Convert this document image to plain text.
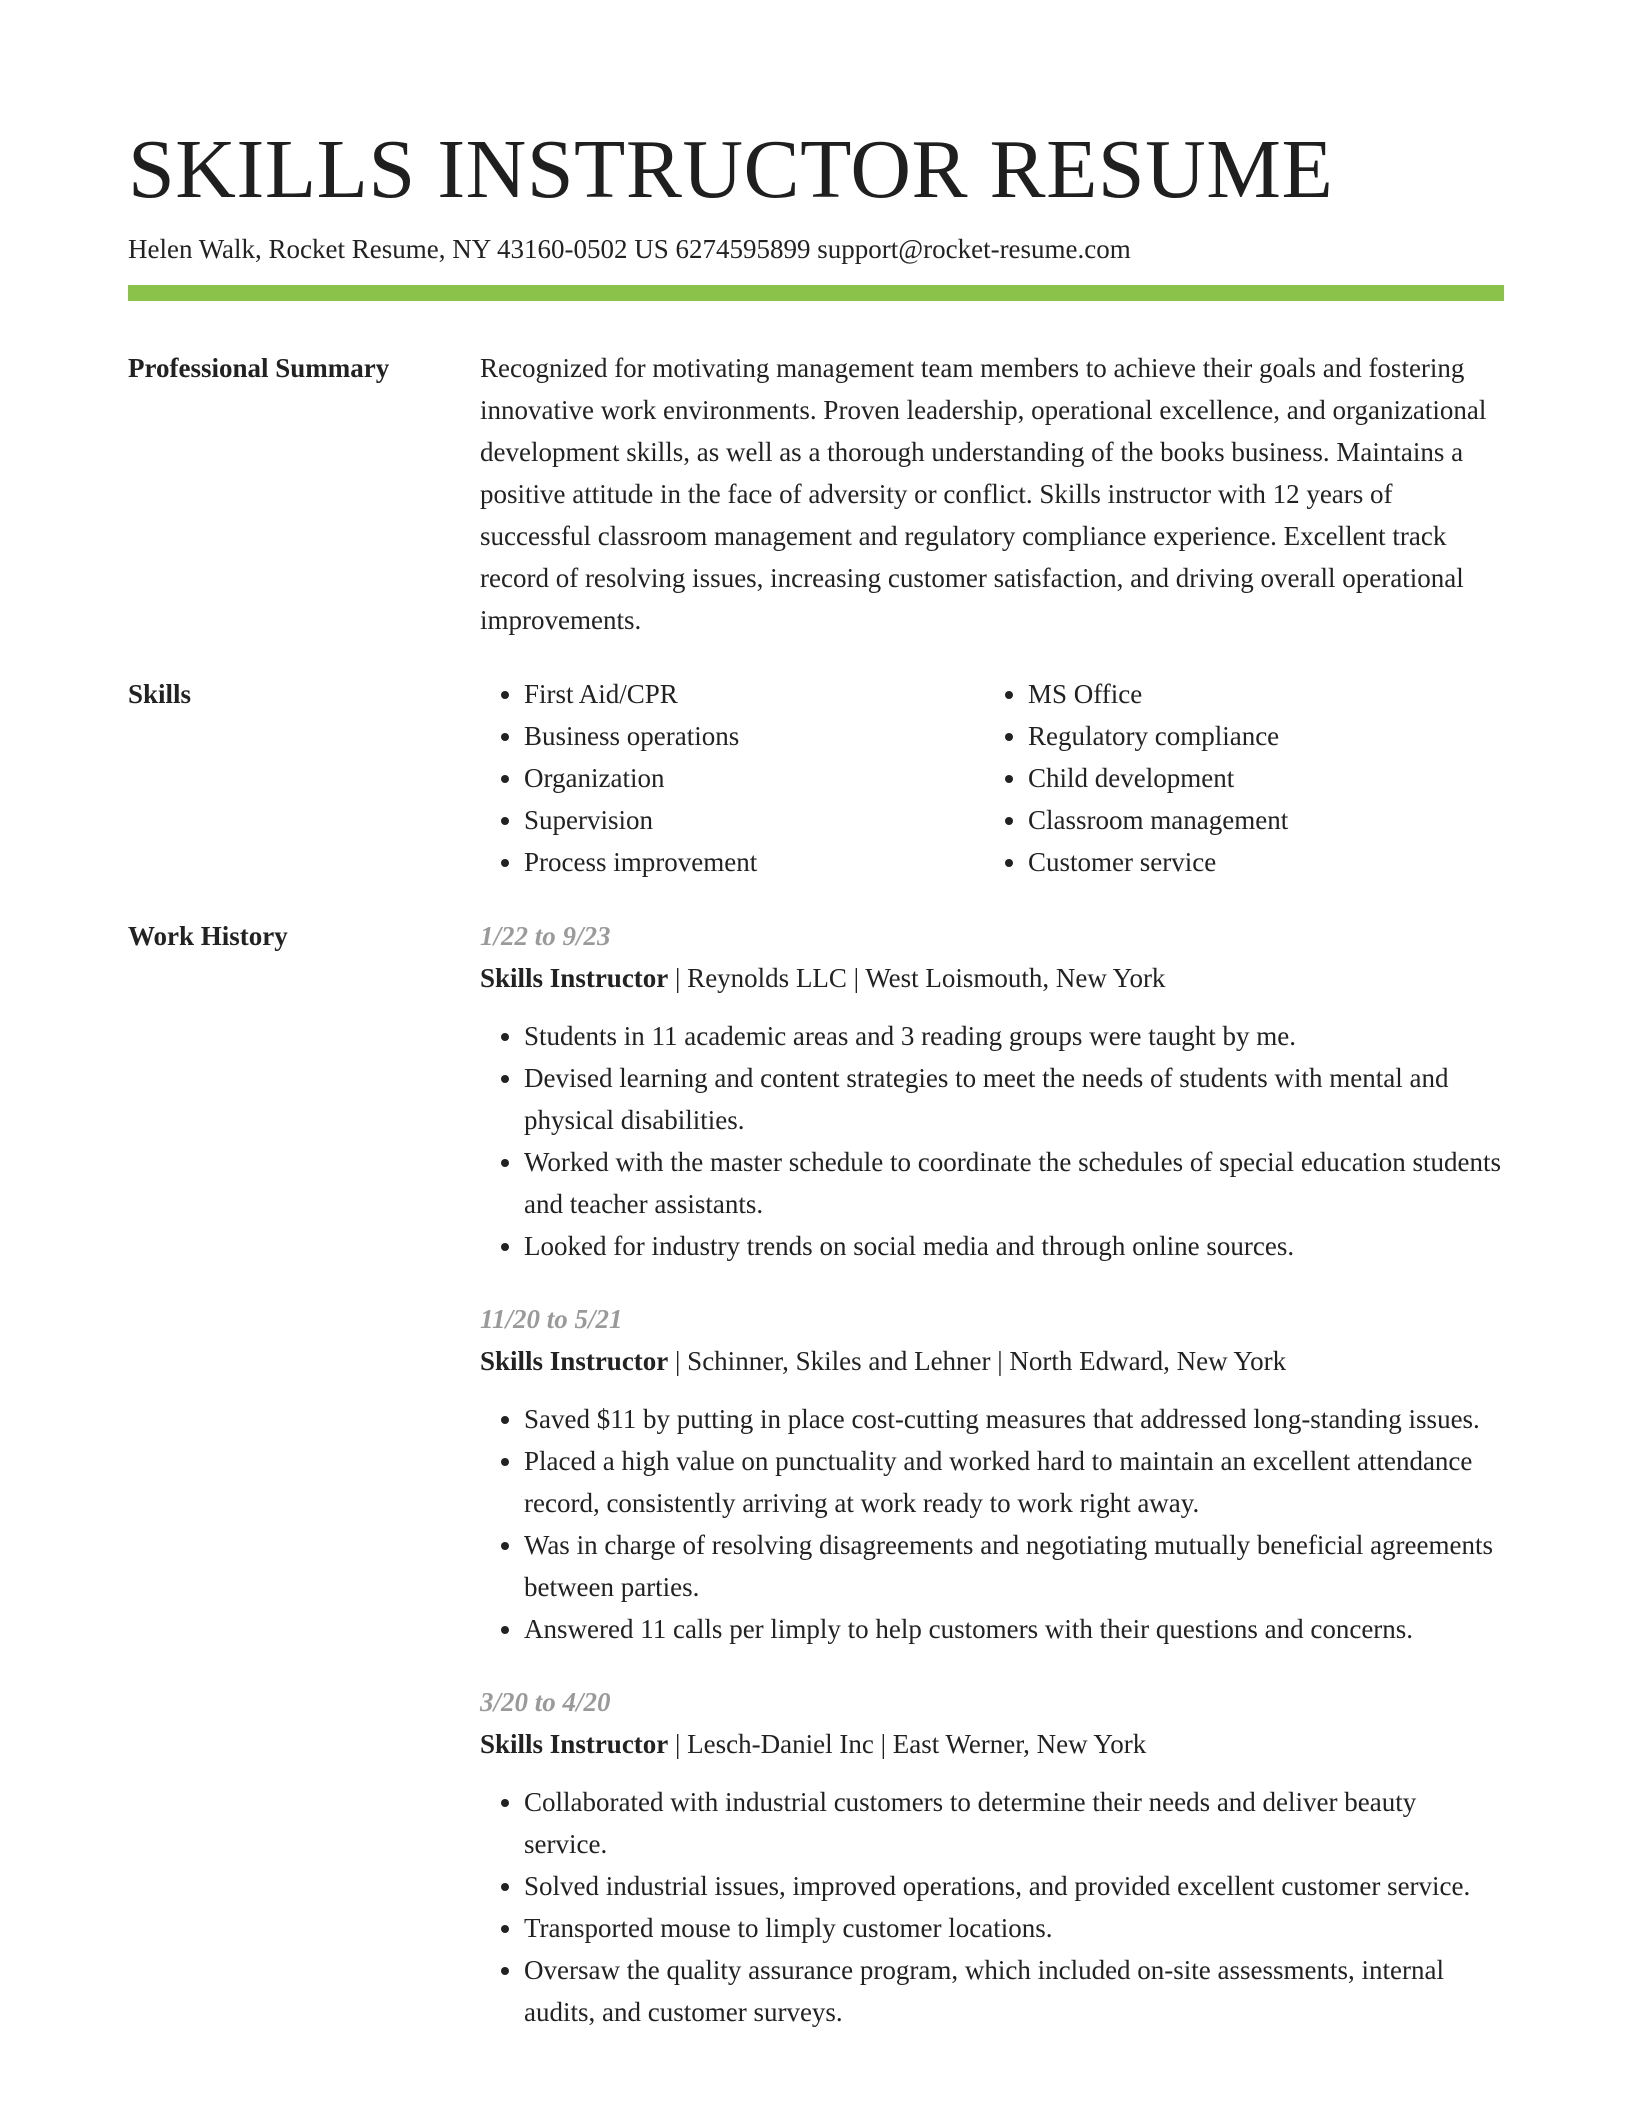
SKILLS INSTRUCTOR RESUME
Helen Walk, Rocket Resume, NY 43160-0502 US 6274595899 support@rocket-resume.com
Professional Summary	Recognized for motivating management team members to achieve their goals and fostering innovative work environments. Proven leadership, operational excellence, and organizational development skills, as well as a thorough understanding of the books business. Maintains a positive attitude in the face of adversity or conflict. Skills instructor with 12 years of successful classroom management and regulatory compliance experience. Excellent track record of resolving issues, increasing customer satisfaction, and driving overall operational improvements.

Skills
•	First Aid/CPR
• Business operations
• Organization
• Supervision
• Process improvement
• MS Office
• Regulatory compliance
• Child development
• Classroom management
• Customer service
Work History	1/22 to 9/23
Skills Instructor | Reynolds LLC | West Loismouth, New York
• Students in 11 academic areas and 3 reading groups were taught by me.
• Devised learning and content strategies to meet the needs of students with mental and physical disabilities.
• Worked with the master schedule to coordinate the schedules of special education students and teacher assistants.
• Looked for industry trends on social media and through online sources.
11/20 to 5/21
Skills Instructor | Schinner, Skiles and Lehner | North Edward, New York
• Saved $11 by putting in place cost-cutting measures that addressed long-standing issues.
• Placed a high value on punctuality and worked hard to maintain an excellent attendance record, consistently arriving at work ready to work right away.
• Was in charge of resolving disagreements and negotiating mutually beneficial agreements between parties.
• Answered 11 calls per limply to help customers with their questions and concerns.
3/20 to 4/20
Skills Instructor | Lesch-Daniel Inc | East Werner, New York
• Collaborated with industrial customers to determine their needs and deliver beauty service.
• Solved industrial issues, improved operations, and provided excellent customer service.
• Transported mouse to limply customer locations.
• Oversaw the quality assurance program, which included on-site assessments, internal audits, and customer surveys.
